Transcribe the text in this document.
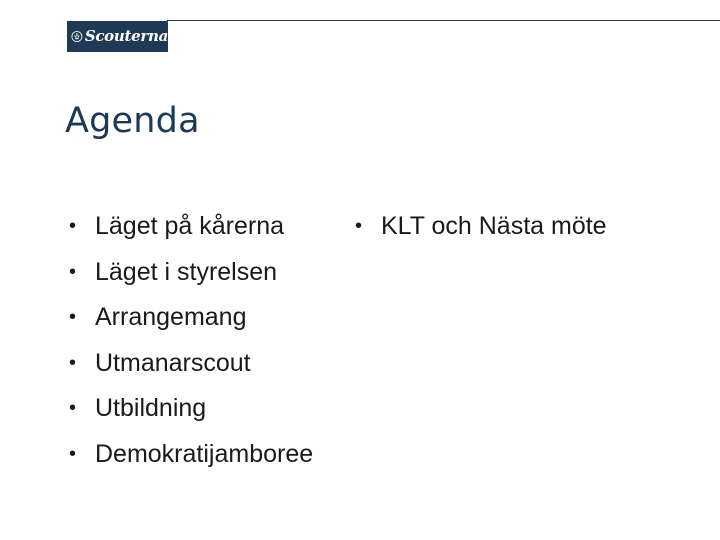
Scouterna
Agenda
• Läget på kårerna
• Läget i styrelsen
• Arrangemang
• Utmanarscout
• Utbildning
• Demokratijamboree
• KLT och Nästa möte
